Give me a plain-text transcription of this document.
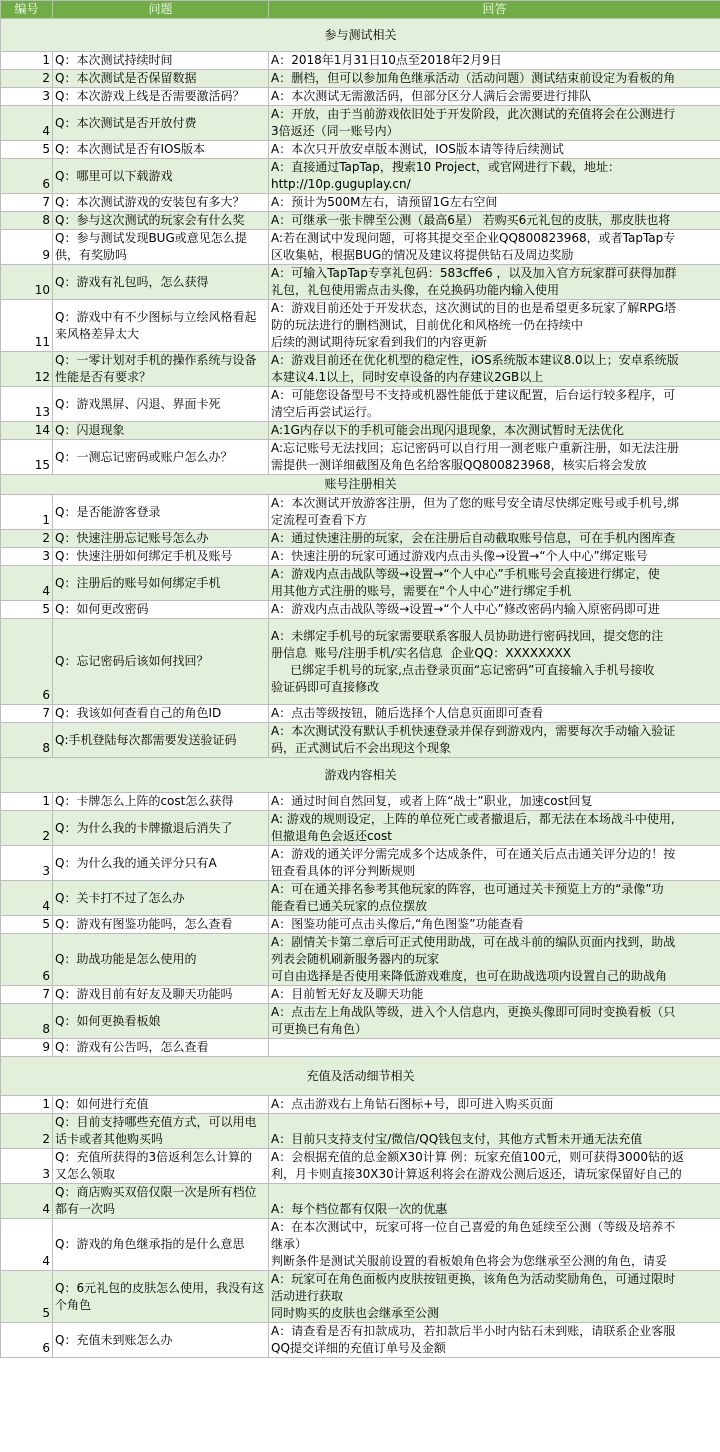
编号	问题	回答
参与测试相关		
1	Q：本次测试持续时间	A：2018年1月31日10点至2018年2月9日

2	Q：本次测试是否保留数据	A：删档，但可以参加角色继承活动（活动问题）测试结束前设定为看板的角

3	Q：本次游戏上线是否需要激活码？	A：本次测试无需激活码，但部分区分人满后会需要进行排队

4	Q：本次测试是否开放付费	A：开放，由于当前游戏依旧处于开发阶段，此次测试的充值将会在公测进行
3倍返还（同一账号内）

5	Q：本次测试是否有IOS版本	A：本次只开放安卓版本测试，IOS版本请等待后续测试

6	Q：哪里可以下载游戏	A：直接通过TapTap，搜索10 Project，或官网进行下载，地址：
http://10p.guguplay.cn/

7	Q：本次测试游戏的安装包有多大？	A：预计为500M左右，请预留1G左右空间

8	Q：参与这次测试的玩家会有什么奖	A：可继承一张卡牌至公测（最高6星） 若购买6元礼包的皮肤，那皮肤也将

9	Q：参与测试发现BUG或意见怎么提供，有奖励吗	A:若在测试中发现问题，可将其提交至企业QQ800823968，或者TapTap专
区收集帖，根据BUG的情况及建议将提供钻石及周边奖励

10	Q：游戏有礼包吗，怎么获得	A：可输入TapTap专享礼包码：583cffe6 ，以及加入官方玩家群可获得加群
礼包，礼包使用需点击头像，在兑换码功能内输入使用

11	Q：游戏中有不少图标与立绘风格看起来风格差异太大	A：游戏目前还处于开发状态，这次测试的目的也是希望更多玩家了解RPG塔
防的玩法进行的删档测试，目前优化和风格统一仍在持续中
后续的测试期待玩家看到我们的内容更新

12	Q：一零计划对手机的操作系统与设备性能是否有要求？	A：游戏目前还在优化机型的稳定性，iOS系统版本建议8.0以上；安卓系统版
本建议4.1以上，同时安卓设备的内存建议2GB以上

13	Q：游戏黑屏、闪退、界面卡死	A：可能您设备型号不支持或机器性能低于建议配置，后台运行较多程序，可
清空后再尝试运行。

14	Q：闪退现象	A:1G内存以下的手机可能会出现闪退现象，本次测试暂时无法优化

15	Q：一测忘记密码或账户怎么办？	A:忘记账号无法找回；忘记密码可以自行用一测老账户重新注册，如无法注册
需提供一测详细截图及角色名给客服QQ800823968，核实后将会发放

账号注册相关		
1	Q：是否能游客登录	A：本次测试开放游客注册，但为了您的账号安全请尽快绑定账号或手机号,绑
定流程可查看下方

2	Q：快速注册忘记账号怎么办	A：通过快速注册的玩家，会在注册后自动截取账号信息，可在手机内图库查

3	Q：快速注册如何绑定手机及账号	A：快速注册的玩家可通过游戏内点击头像→设置→“个人中心”绑定账号

4	Q：注册后的账号如何绑定手机	A：游戏内点击战队等级→设置→“个人中心”手机账号会直接进行绑定，使
用其他方式注册的账号，需要在“个人中心”进行绑定手机

5	Q：如何更改密码	A：游戏内点击战队等级→设置→“个人中心”修改密码内输入原密码即可进

6	Q：忘记密码后该如何找回？	A：未绑定手机号的玩家需要联系客服人员协助进行密码找回，提交您的注
册信息  账号/注册手机/实名信息  企业QQ：XXXXXXXX
已绑定手机号的玩家,点击登录页面“忘记密码”可直接输入手机号接收
验证码即可直接修改

7	Q：我该如何查看自己的角色ID	A：点击等级按钮，随后选择个人信息页面即可查看

8	Q:手机登陆每次都需要发送验证码	A：本次测试没有默认手机快速登录并保存到游戏内，需要每次手动输入验证
码，正式测试后不会出现这个现象

游戏内容相关		
1	Q：卡牌怎么上阵的cost怎么获得	A：通过时间自然回复，或者上阵“战士”职业，加速cost回复

2	Q：为什么我的卡牌撤退后消失了	A: 游戏的规则设定，上阵的单位死亡或者撤退后，都无法在本场战斗中使用,
但撤退角色会返还cost

3	Q：为什么我的通关评分只有A	A：游戏的通关评分需完成多个达成条件，可在通关后点击通关评分边的！按
钮查看具体的评分判断规则

4	Q：关卡打不过了怎么办	A：可在通关排名参考其他玩家的阵容，也可通过关卡预览上方的“录像”功
能查看已通关玩家的点位摆放

5	Q：游戏有图鉴功能吗，怎么查看	A：图鉴功能可点击头像后,“角色图鉴”功能查看

6	Q：助战功能是怎么使用的	A：剧情关卡第二章后可正式使用助战，可在战斗前的编队页面内找到，助战
列表会随机刷新服务器内的玩家
可自由选择是否使用来降低游戏难度，也可在助战选项内设置自己的助战角

7	Q：游戏目前有好友及聊天功能吗	A：目前暂无好友及聊天功能

8	Q：如何更换看板娘	A：点击左上角战队等级，进入个人信息内，更换头像即可同时变换看板（只
可更换已有角色）

9	Q：游戏有公告吗，怎么查看	

充值及活动细节相关		
1	Q：如何进行充值	A：点击游戏右上角钻石图标+号，即可进入购买页面

2	Q：目前支持哪些充值方式，可以用电话卡或者其他购买吗	A：目前只支持支付宝/微信/QQ钱包支付，其他方式暂未开通无法充值

3	Q：充值所获得的3倍返利怎么计算的 又怎么领取	A：会根据充值的总金额X30计算 例：玩家充值100元，则可获得3000钻的返
利，月卡则直接30X30计算返利将会在游戏公测后返还，请玩家保留好自己的

4	Q：商店购买双倍仅限一次是所有档位都有一次吗	A：每个档位都有仅限一次的优惠

4	Q：游戏的角色继承指的是什么意思	A：在本次测试中，玩家可将一位自己喜爱的角色延续至公测（等级及培养不
继承）
判断条件是测试关服前设置的看板娘角色将会为您继承至公测的角色，请妥

5	Q：6元礼包的皮肤怎么使用，我没有这个角色	A：玩家可在角色面板内皮肤按钮更换，该角色为活动奖励角色，可通过限时
活动进行获取
同时购买的皮肤也会继承至公测

6	Q：充值未到账怎么办	A：请查看是否有扣款成功，若扣款后半小时内钻石未到账，请联系企业客服
QQ提交详细的充值订单号及金额
